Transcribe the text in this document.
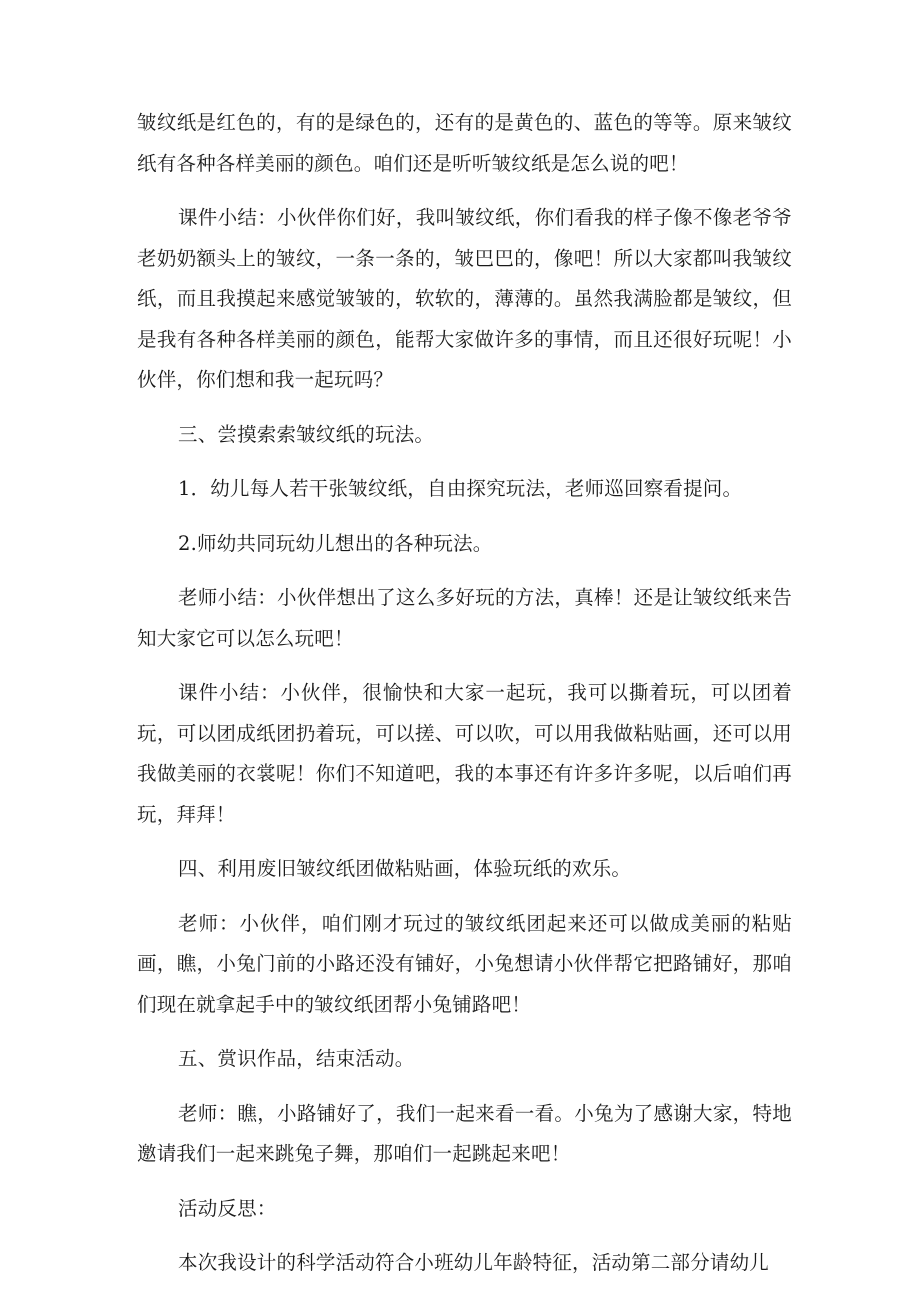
皱纹纸是红色的，有的是绿色的，还有的是黄色的、蓝色的等等。原来皱纹纸有各种各样美丽的颜色。咱们还是听听皱纹纸是怎么说的吧！

课件小结：小伙伴你们好，我叫皱纹纸，你们看我的样子像不像老爷爷老奶奶额头上的皱纹，一条一条的，皱巴巴的，像吧！所以大家都叫我皱纹纸，而且我摸起来感觉皱皱的，软软的，薄薄的。虽然我满脸都是皱纹，但是我有各种各样美丽的颜色，能帮大家做许多的事情，而且还很好玩呢！小伙伴，你们想和我一起玩吗？

三、尝摸索索皱纹纸的玩法。

1．幼儿每人若干张皱纹纸，自由探究玩法，老师巡回察看提问。

2.师幼共同玩幼儿想出的各种玩法。

老师小结：小伙伴想出了这么多好玩的方法，真棒！还是让皱纹纸来告知大家它可以怎么玩吧！

课件小结：小伙伴，很愉快和大家一起玩，我可以撕着玩，可以团着玩，可以团成纸团扔着玩，可以搓、可以吹，可以用我做粘贴画，还可以用我做美丽的衣裳呢！你们不知道吧，我的本事还有许多许多呢，以后咱们再玩，拜拜！

四、利用废旧皱纹纸团做粘贴画，体验玩纸的欢乐。

老师：小伙伴，咱们刚才玩过的皱纹纸团起来还可以做成美丽的粘贴画，瞧，小兔门前的小路还没有铺好，小兔想请小伙伴帮它把路铺好，那咱们现在就拿起手中的皱纹纸团帮小兔铺路吧！

五、赏识作品，结束活动。

老师：瞧，小路铺好了，我们一起来看一看。小兔为了感谢大家，特地邀请我们一起来跳兔子舞，那咱们一起跳起来吧！

活动反思：

本次我设计的科学活动符合小班幼儿年龄特征，活动第二部分请幼儿
